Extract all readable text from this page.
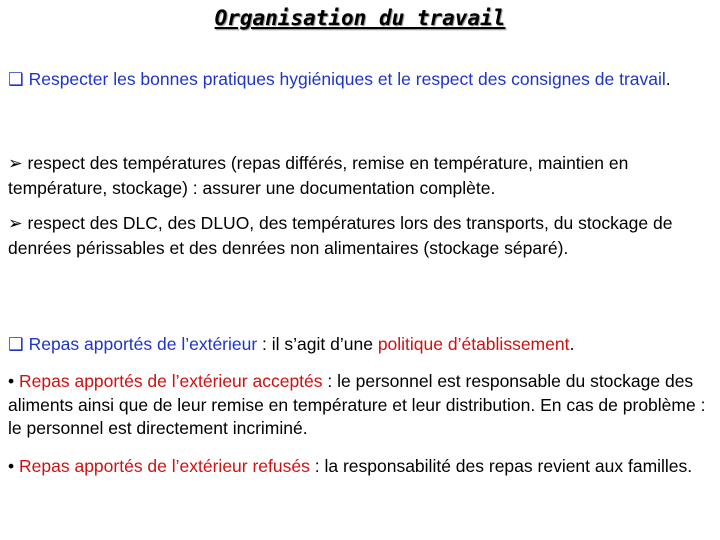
Organisation du travail
❑ Respecter les bonnes pratiques hygiéniques et le respect des consignes de travail.
➢ respect des températures (repas différés, remise en température, maintien en température, stockage) : assurer une documentation complète.
➢ respect des DLC, des DLUO, des températures lors des transports, du stockage de denrées périssables et des denrées non alimentaires (stockage séparé).
❑ Repas apportés de l’extérieur : il s’agit d’une politique d’établissement.
• Repas apportés de l’extérieur acceptés : le personnel est responsable du stockage des aliments ainsi que de leur remise en température et leur distribution. En cas de problème : le personnel est directement incriminé.
• Repas apportés de l’extérieur refusés : la responsabilité des repas revient aux familles.
